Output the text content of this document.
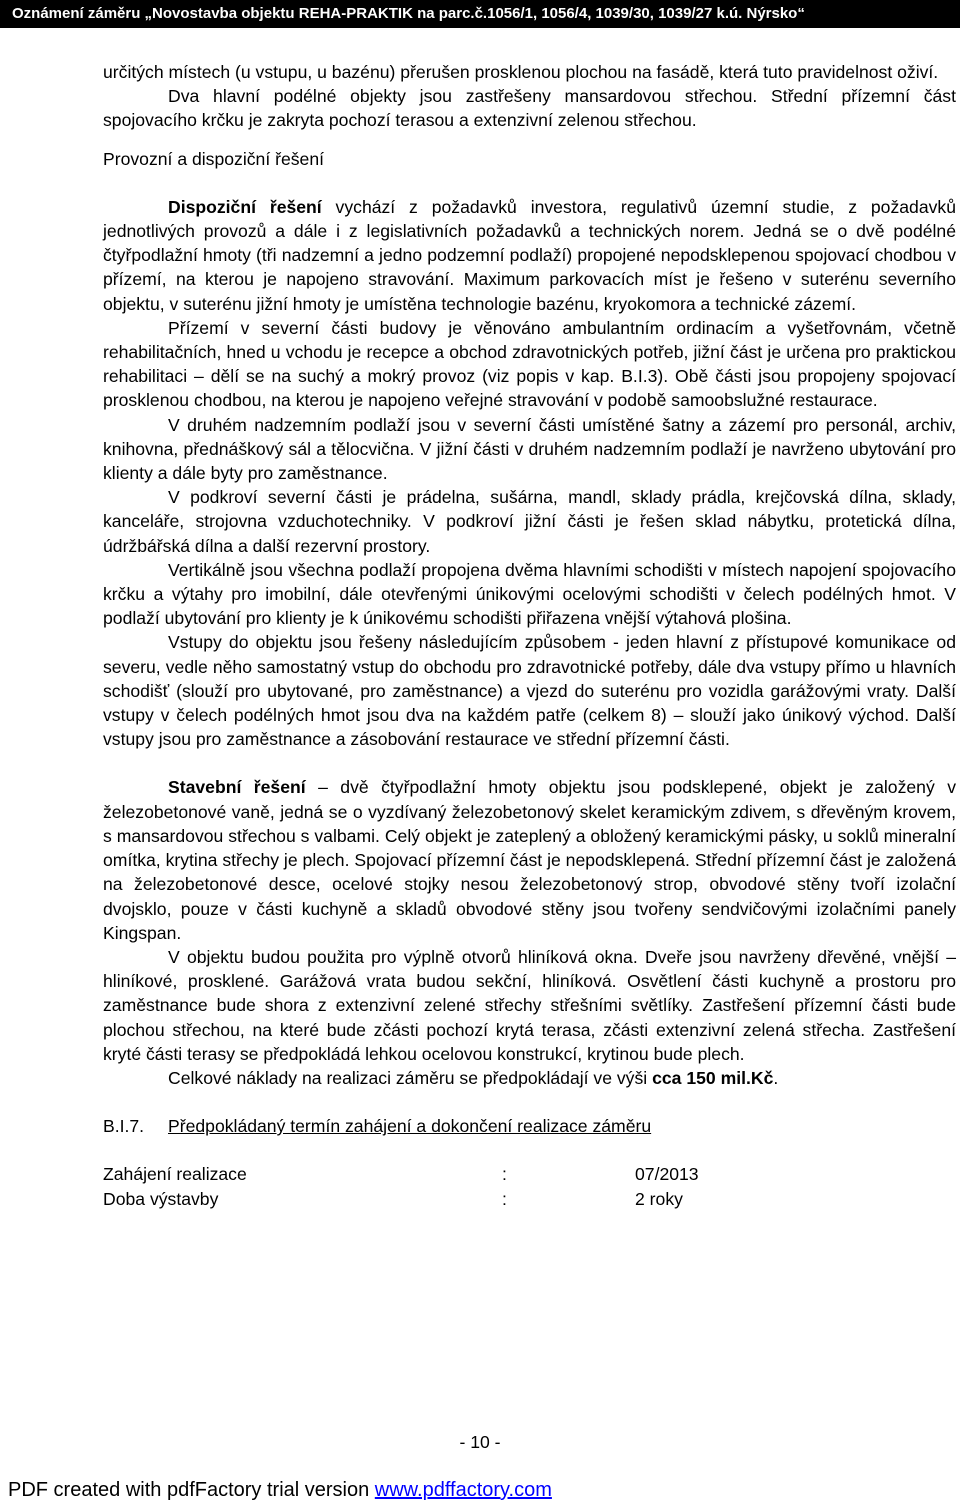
Oznámení záměru „Novostavba objektu REHA-PRAKTIK na parc.č.1056/1, 1056/4, 1039/30, 1039/27 k.ú. Nýrsko“

určitých místech (u vstupu, u bazénu) přerušen prosklenou plochou na fasádě, která tuto pravidelnost oživí.

Dva hlavní podélné objekty jsou zastřešeny mansardovou střechou. Střední přízemní část spojovacího krčku je zakryta pochozí terasou a extenzivní zelenou střechou.

Provozní a dispoziční řešení

Dispoziční řešení vychází z požadavků investora, regulativů územní studie, z požadavků jednotlivých provozů a dále i z legislativních požadavků a technických norem. Jedná se o dvě podélné čtyřpodlažní hmoty (tři nadzemní a jedno podzemní podlaží) propojené nepodsklepenou spojovací chodbou v přízemí, na kterou je napojeno stravování. Maximum parkovacích míst je řešeno v suterénu severního objektu, v suterénu jižní hmoty je umístěna technologie bazénu, kryokomora a technické zázemí.

Přízemí v severní části budovy je věnováno ambulantním ordinacím a vyšetřovnám, včetně rehabilitačních, hned u vchodu je recepce a obchod zdravotnických potřeb, jižní část je určena pro praktickou rehabilitaci – dělí se na suchý a mokrý provoz (viz popis v kap. B.I.3). Obě části jsou propojeny spojovací prosklenou chodbou, na kterou je napojeno veřejné stravování v podobě samoobslužné restaurace.

V druhém nadzemním podlaží jsou v severní části umístěné šatny a zázemí pro personál, archiv, knihovna, přednáškový sál a tělocvična. V jižní části v druhém nadzemním podlaží je navrženo ubytování pro klienty a dále byty pro zaměstnance.

V podkroví severní části je prádelna, sušárna, mandl, sklady prádla, krejčovská dílna, sklady, kanceláře, strojovna vzduchotechniky. V podkroví jižní části je řešen sklad nábytku, protetická dílna, údržbářská dílna a další rezervní prostory.

Vertikálně jsou všechna podlaží propojena dvěma hlavními schodišti v místech napojení spojovacího krčku a výtahy pro imobilní, dále otevřenými únikovými ocelovými schodišti v čelech podélných hmot. V podlaží ubytování pro klienty je k únikovému schodišti přiřazena vnější výtahová plošina.

Vstupy do objektu jsou řešeny následujícím způsobem - jeden hlavní z přístupové komunikace od severu, vedle něho samostatný vstup do obchodu pro zdravotnické potřeby, dále dva vstupy přímo u hlavních schodišť (slouží pro ubytované, pro zaměstnance) a vjezd do suterénu pro vozidla garážovými vraty. Další vstupy v čelech podélných hmot jsou dva na každém patře (celkem 8) – slouží jako únikový východ. Další vstupy jsou pro zaměstnance a zásobování restaurace ve střední přízemní části.

Stavební řešení – dvě čtyřpodlažní hmoty objektu jsou podsklepené, objekt je založený v železobetonové vaně, jedná se o vyzdívaný železobetonový skelet keramickým zdivem, s dřevěným krovem, s mansardovou střechou s valbami. Celý objekt je zateplený a obložený keramickými pásky, u soklů mineralní omítka, krytina střechy je plech. Spojovací přízemní část je nepodsklepená. Střední přízemní část je založená na železobetonové desce, ocelové stojky nesou železobetonový strop, obvodové stěny tvoří izolační dvojsklo, pouze v části kuchyně a skladů obvodové stěny jsou tvořeny sendvičovými izolačními panely Kingspan.

V objektu budou použita pro výplně otvorů hliníková okna. Dveře jsou navrženy dřevěné, vnější – hliníkové, prosklené. Garážová vrata budou sekční, hliníková. Osvětlení části kuchyně a prostoru pro zaměstnance bude shora z extenzivní zelené střechy střešními světlíky. Zastřešení přízemní části bude plochou střechou, na které bude zčásti pochozí krytá terasa, zčásti extenzivní zelená střecha. Zastřešení kryté části terasy se předpokládá lehkou ocelovou konstrukcí, krytinou bude plech.

Celkové náklady na realizaci záměru se předpokládají ve výši cca 150 mil.Kč.

B.I.7.	Předpokládaný termín zahájení a dokončení realizace záměru
Zahájení realizace	:	07/2013
Doba výstavby	:	2 roky
- 10 -
PDF created with pdfFactory trial version www.pdffactory.com
